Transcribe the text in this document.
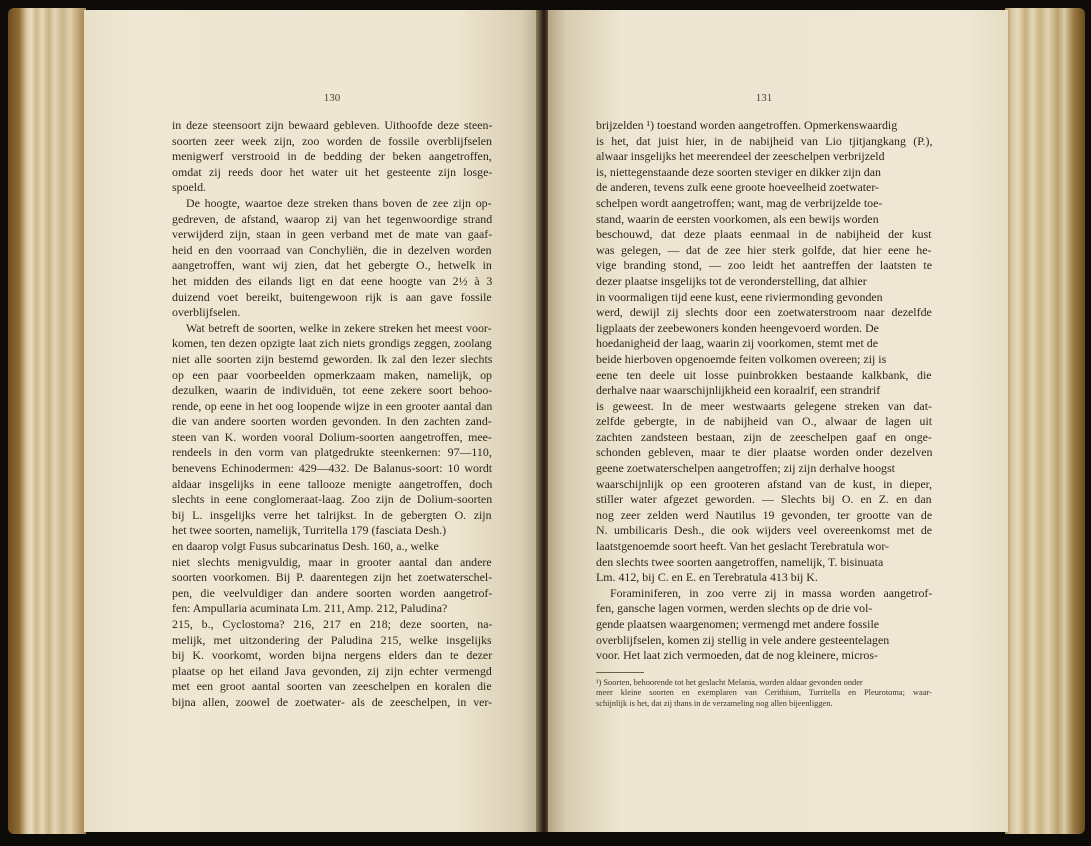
130
in deze steensoort zijn bewaard gebleven. Uithoofde deze steen-
soorten zeer week zijn, zoo worden de fossile overblijfselen
menigwerf verstrooid in de bedding der beken aangetroffen,
omdat zij reeds door het water uit het gesteente zijn losge-
spoeld.
De hoogte, waartoe deze streken thans boven de zee zijn op-
gedreven, de afstand, waarop zij van het tegenwoordige strand
verwijderd zijn, staan in geen verband met de mate van gaaf-
heid en den voorraad van Conchyliën, die in dezelven worden
aangetroffen, want wij zien, dat het gebergte O., hetwelk in
het midden des eilands ligt en dat eene hoogte van 2½ à 3
duizend voet bereikt, buitengewoon rijk is aan gave fossile
overblijfselen.
Wat betreft de soorten, welke in zekere streken het meest voor-
komen, ten dezen opzigte laat zich niets grondigs zeggen, zoolang
niet alle soorten zijn bestemd geworden. Ik zal den lezer slechts
op een paar voorbeelden opmerkzaam maken, namelijk, op
dezulken, waarin de individuën, tot eene zekere soort behoo-
rende, op eene in het oog loopende wijze in een grooter aantal dan
die van andere soorten worden gevonden. In den zachten zand-
steen van K. worden vooral Dolium-soorten aangetroffen, mee-
rendeels in den vorm van platgedrukte steenkernen: 97—110,
benevens Echinodermen: 429—432. De Balanus-soort: 10 wordt
aldaar insgelijks in eene tallooze menigte aangetroffen, doch
slechts in eene conglomeraat-laag. Zoo zijn de Dolium-soorten
bij L. insgelijks verre het talrijkst. In de gebergten O. zijn
het twee soorten, namelijk, Turritella 179 (fasciata Desh.)
en daarop volgt Fusus subcarinatus Desh. 160, a., welke
niet slechts menigvuldig, maar in grooter aantal dan andere
soorten voorkomen. Bij P. daarentegen zijn het zoetwaterschel-
pen, die veelvuldiger dan andere soorten worden aangetrof-
fen: Ampullaria acuminata Lm. 211, Amp. 212, Paludina?
215, b., Cyclostoma? 216, 217 en 218; deze soorten, na-
melijk, met uitzondering der Paludina 215, welke insgelijks
bij K. voorkomt, worden bijna nergens elders dan te dezer
plaatse op het eiland Java gevonden, zij zijn echter vermengd
met een groot aantal soorten van zeeschelpen en koralen die
bijna allen, zoowel de zoetwater- als de zeeschelpen, in ver-
131
brijzelden ¹) toestand worden aangetroffen. Opmerkenswaardig
is het, dat juist hier, in de nabijheid van Lio tjitjangkang (P.),
alwaar insgelijks het meerendeel der zeeschelpen verbrijzeld
is, niettegenstaande deze soorten steviger en dikker zijn dan
de anderen, tevens zulk eene groote hoeveelheid zoetwater-
schelpen wordt aangetroffen; want, mag de verbrijzelde toe-
stand, waarin de eersten voorkomen, als een bewijs worden
beschouwd, dat deze plaats eenmaal in de nabijheid der kust
was gelegen, — dat de zee hier sterk golfde, dat hier eene he-
vige branding stond, — zoo leidt het aantreffen der laatsten te
dezer plaatse insgelijks tot de veronderstelling, dat alhier
in voormaligen tijd eene kust, eene riviermonding gevonden
werd, dewijl zij slechts door een zoetwaterstroom naar dezelfde
ligplaats der zeebewoners konden heengevoerd worden. De
hoedanigheid der laag, waarin zij voorkomen, stemt met de
beide hierboven opgenoemde feiten volkomen overeen; zij is
eene ten deele uit losse puinbrokken bestaande kalkbank, die
derhalve naar waarschijnlijkheid een koraalrif, een strandrif
is geweest. In de meer westwaarts gelegene streken van dat-
zelfde gebergte, in de nabijheid van O., alwaar de lagen uit
zachten zandsteen bestaan, zijn de zeeschelpen gaaf en onge-
schonden gebleven, maar te dier plaatse worden onder dezelven
geene zoetwaterschelpen aangetroffen; zij zijn derhalve hoogst
waarschijnlijk op een grooteren afstand van de kust, in dieper,
stiller water afgezet geworden. — Slechts bij O. en Z. en dan
nog zeer zelden werd Nautilus 19 gevonden, ter grootte van de
N. umbilicaris Desh., die ook wijders veel overeenkomst met de
laatstgenoemde soort heeft. Van het geslacht Terebratula wor-
den slechts twee soorten aangetroffen, namelijk, T. bisinuata
Lm. 412, bij C. en E. en Terebratula 413 bij K.
Foraminiferen, in zoo verre zij in massa worden aangetrof-
fen, gansche lagen vormen, werden slechts op de drie vol-
gende plaatsen waargenomen; vermengd met andere fossile
overblijfselen, komen zij stellig in vele andere gesteentelagen
voor. Het laat zich vermoeden, dat de nog kleinere, micros-
¹) Soorten, behoorende tot het geslacht Melania, worden aldaar gevonden onder
meer kleine soorten en exemplaren van Cerithium, Turritella en Pleurotoma; waar-
schijnlijk is het, dat zij thans in de verzameling nog allen bijeenliggen.
